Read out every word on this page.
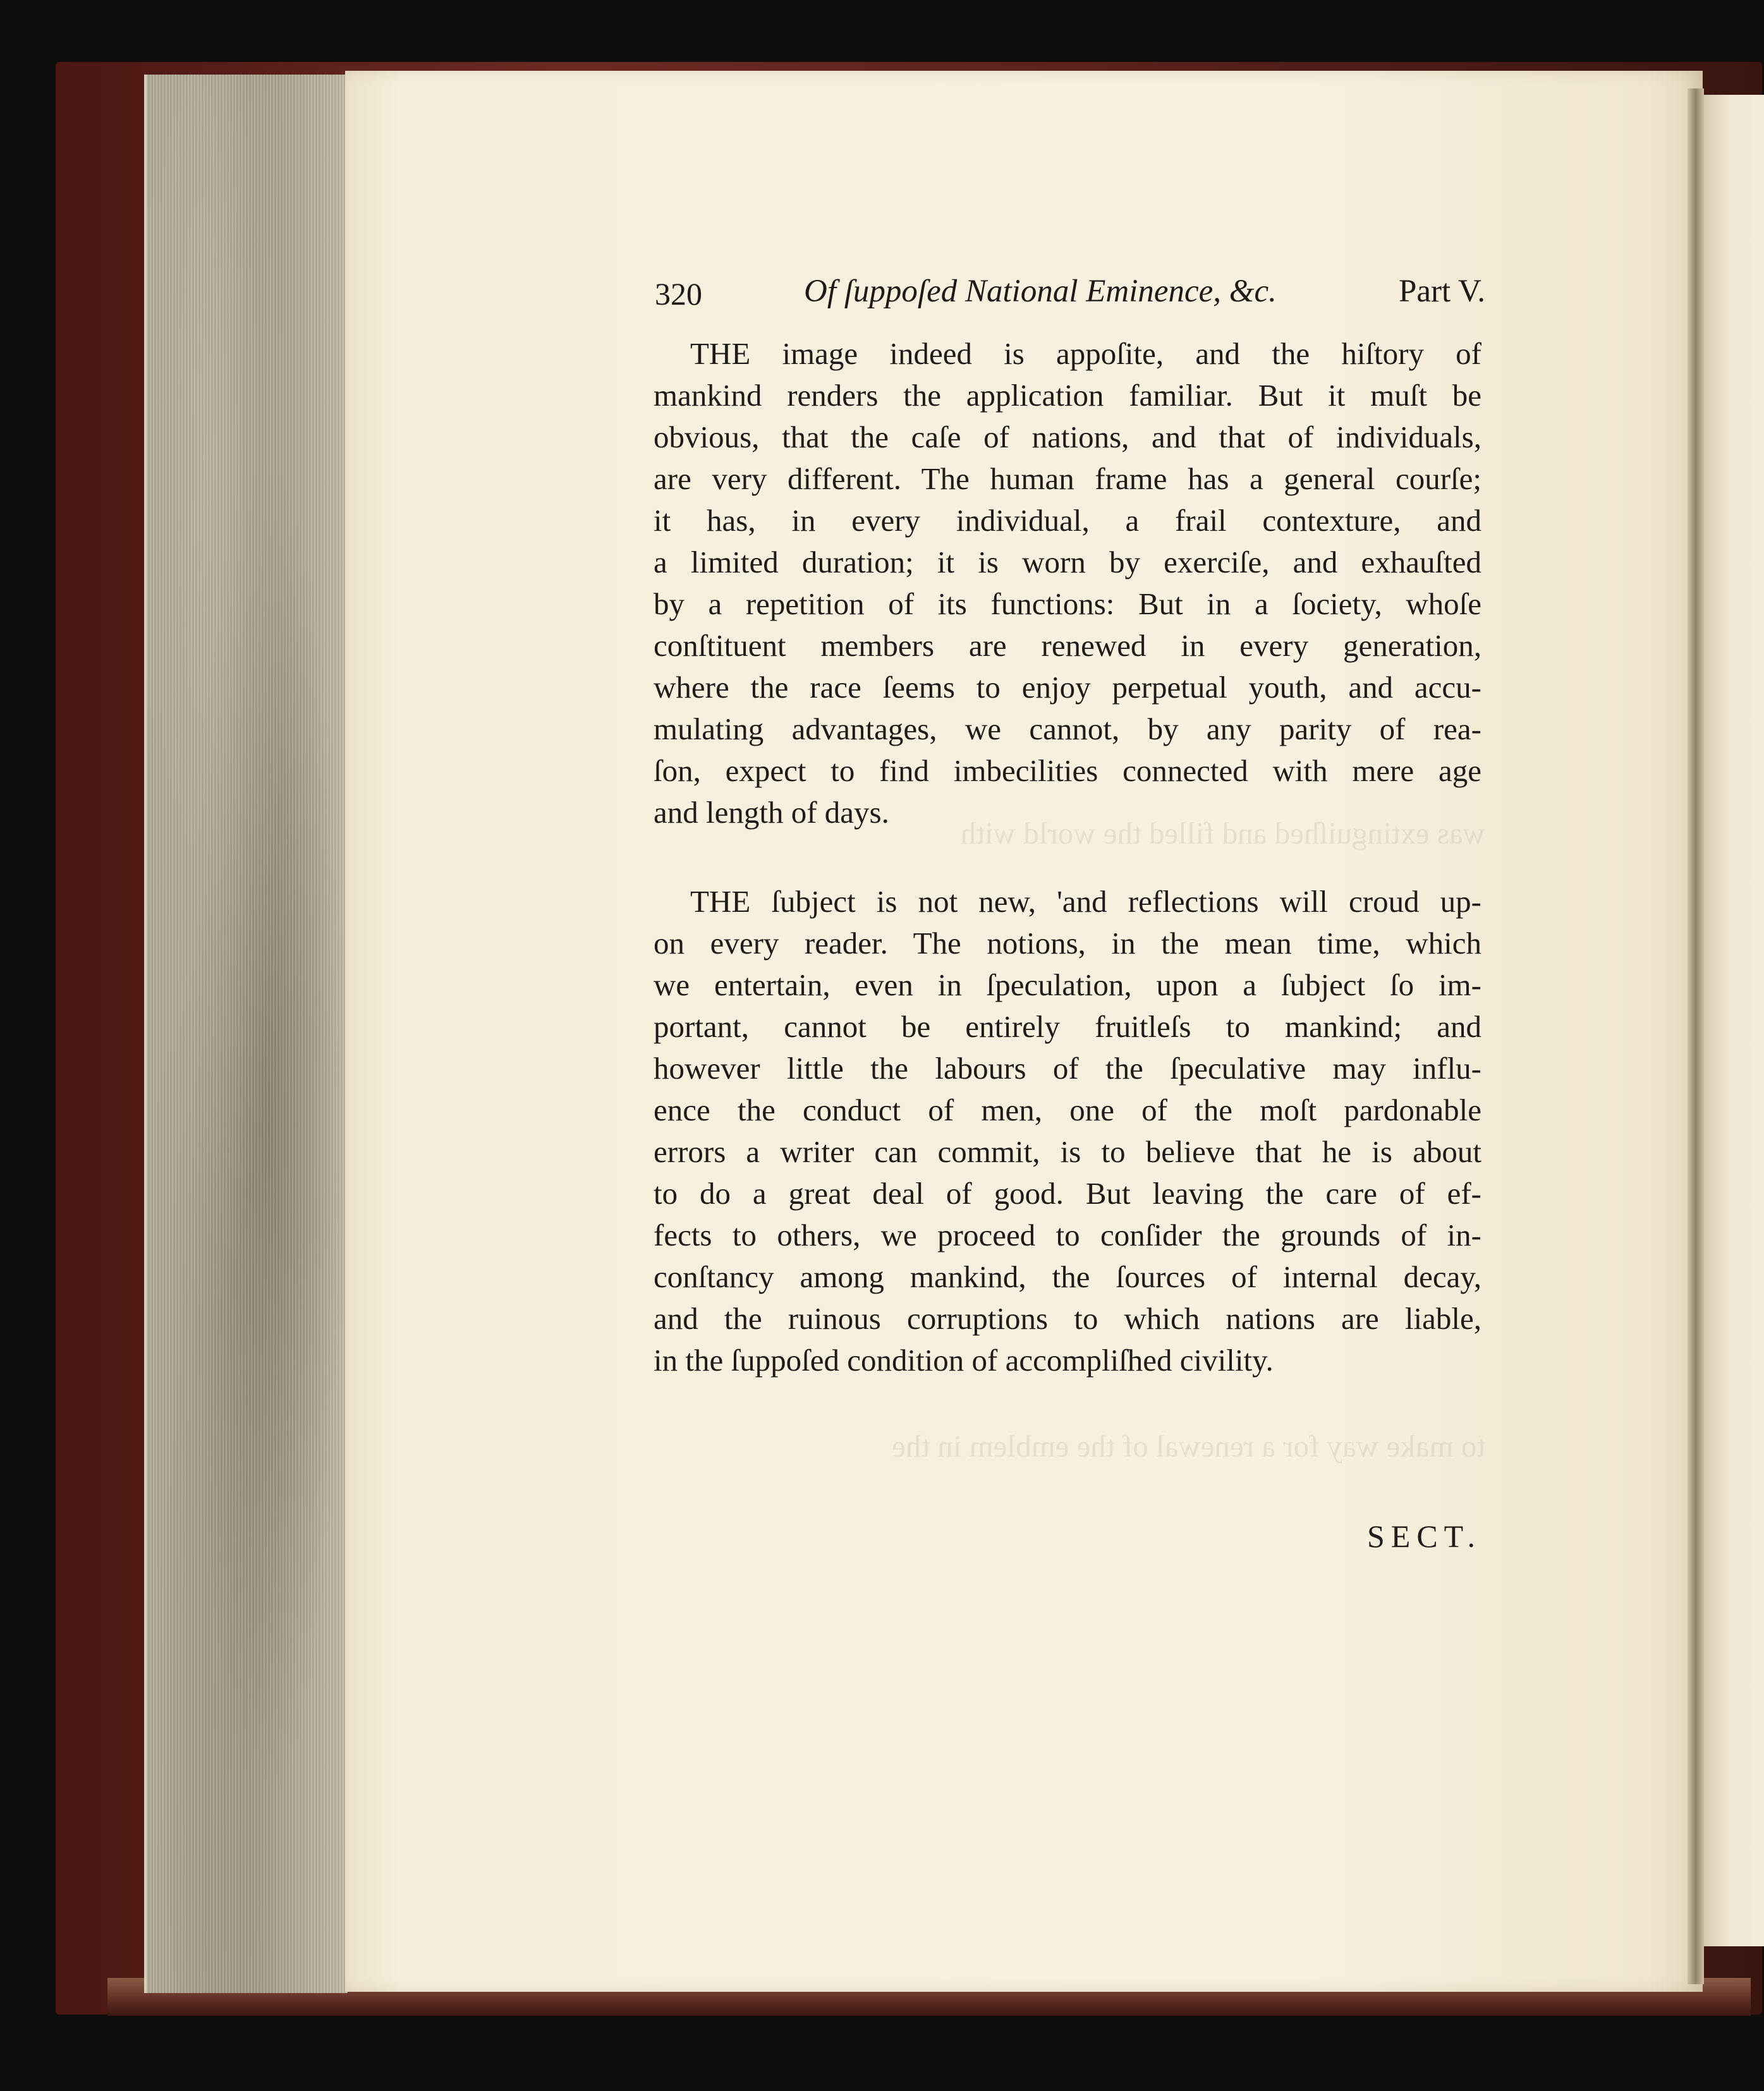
was extinguiſhed and filled the world with
to make way for a renewal of the emblem in the
320	Of ſuppoſed National Eminence, &c.	Part V.
THE image indeed is appoſite, and the hiſtory of
mankind renders the application familiar. But it muſt be
obvious, that the caſe of nations, and that of individuals,
are very different. The human frame has a general courſe;
it has, in every individual, a frail contexture, and
a limited duration; it is worn by exerciſe, and exhauſted
by a repetition of its functions: But in a ſociety, whoſe
conſtituent members are renewed in every generation,
where the race ſeems to enjoy perpetual youth, and accu-
mulating advantages, we cannot, by any parity of rea-
ſon, expect to find imbecilities connected with mere age
and length of days.
THE ſubject is not new, 'and reflections will croud up-
on every reader. The notions, in the mean time, which
we entertain, even in ſpeculation, upon a ſubject ſo im-
portant, cannot be entirely fruitleſs to mankind; and
however little the labours of the ſpeculative may influ-
ence the conduct of men, one of the moſt pardonable
errors a writer can commit, is to believe that he is about
to do a great deal of good. But leaving the care of ef-
fects to others, we proceed to conſider the grounds of in-
conſtancy among mankind, the ſources of internal decay,
and the ruinous corruptions to which nations are liable,
in the ſuppoſed condition of accompliſhed civility.
SECT.
